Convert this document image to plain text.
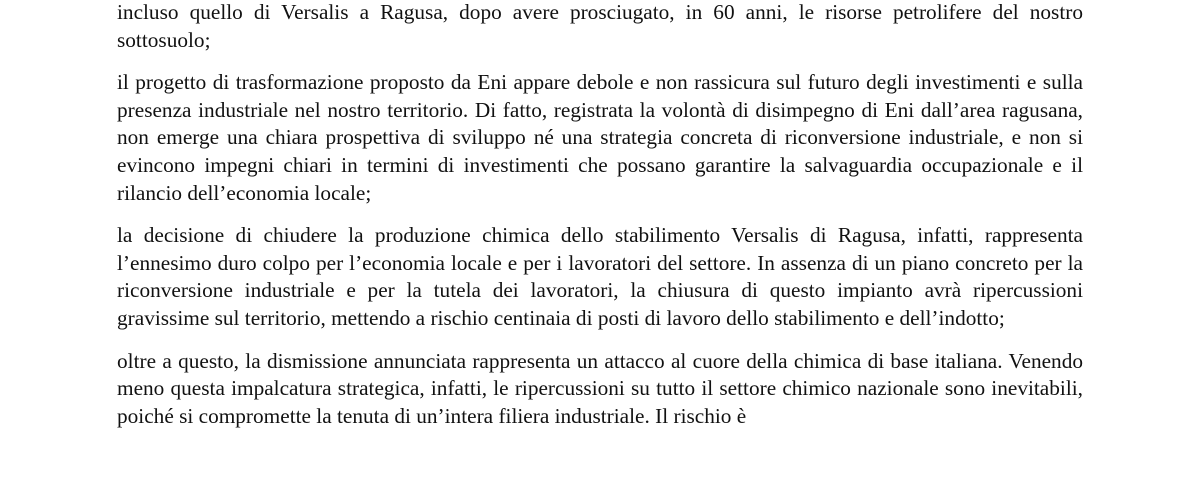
incluso quello di Versalis a Ragusa, dopo avere prosciugato, in 60 anni, le risorse petrolifere del nostro sottosuolo;

il progetto di trasformazione proposto da Eni appare debole e non rassicura sul futuro degli investimenti e sulla presenza industriale nel nostro territorio. Di fatto, registrata la volontà di disimpegno di Eni dall’area ragusana, non emerge una chiara prospettiva di sviluppo né una strategia concreta di riconversione industriale, e non si evincono impegni chiari in termini di investimenti che possano garantire la salvaguardia occupazionale e il rilancio dell’economia locale;

la decisione di chiudere la produzione chimica dello stabilimento Versalis di Ragusa, infatti, rappresenta l’ennesimo duro colpo per l’economia locale e per i lavoratori del settore. In assenza di un piano concreto per la riconversione industriale e per la tutela dei lavoratori, la chiusura di questo impianto avrà ripercussioni gravissime sul territorio, mettendo a rischio centinaia di posti di lavoro dello stabilimento e dell’indotto;

oltre a questo, la dismissione annunciata rappresenta un attacco al cuore della chimica di base italiana. Venendo meno questa impalcatura strategica, infatti, le ripercussioni su tutto il settore chimico nazionale sono inevitabili, poiché si compromette la tenuta di un’intera filiera industriale. Il rischio è
